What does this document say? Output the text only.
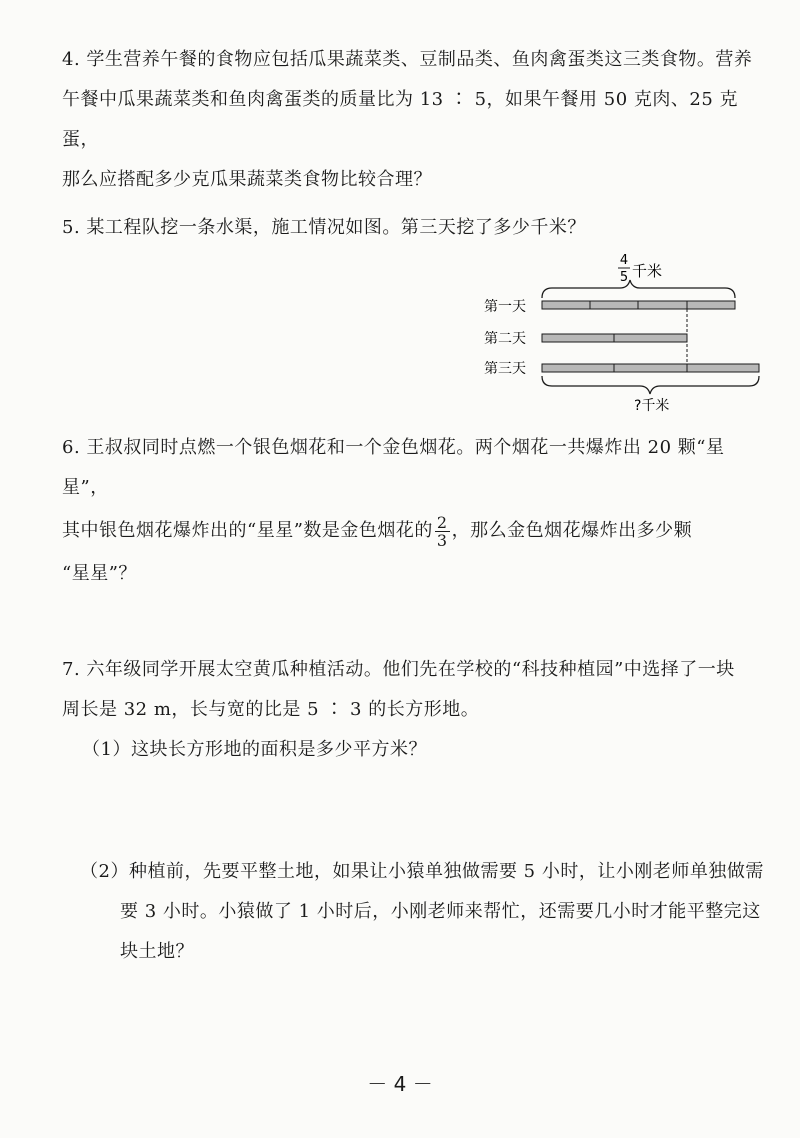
4. 学生营养午餐的食物应包括瓜果蔬菜类、豆制品类、鱼肉禽蛋类这三类食物。营养

午餐中瓜果蔬菜类和鱼肉禽蛋类的质量比为 13 ∶ 5，如果午餐用 50 克肉、25 克蛋，

那么应搭配多少克瓜果蔬菜类食物比较合理？

5. 某工程队挖一条水渠，施工情况如图。第三天挖了多少千米？

4
5 千米
第一天
第二天
第三天
?千米

6. 王叔叔同时点燃一个银色烟花和一个金色烟花。两个烟花一共爆炸出 20 颗“星星”，

其中银色烟花爆炸出的“星星”数是金色烟花的 $\frac{2}{3}$ ，那么金色烟花爆炸出多少颗

“星星”？

7. 六年级同学开展太空黄瓜种植活动。他们先在学校的“科技种植园”中选择了一块

周长是 32 m，长与宽的比是 5 ∶ 3 的长方形地。

（1）这块长方形地的面积是多少平方米？

（2）种植前，先要平整土地，如果让小猿单独做需要 5 小时，让小刚老师单独做需

要 3 小时。小猿做了 1 小时后，小刚老师来帮忙，还需要几小时才能平整完这

块土地？

－ 4 －
